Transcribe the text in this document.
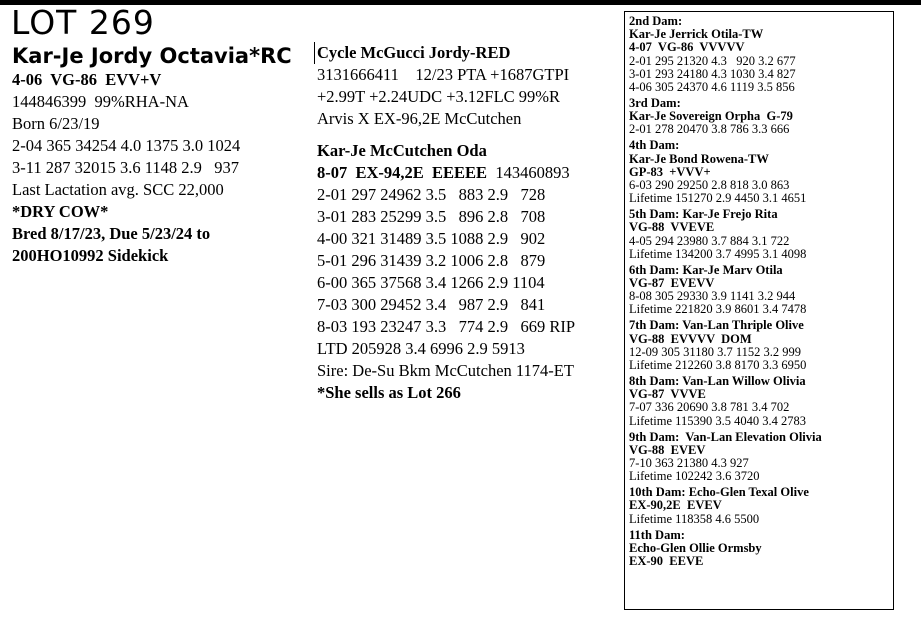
LOT 269
Kar-Je Jordy Octavia*RC
4-06  VG-86  EVV+V
144846399  99%RHA-NA
Born 6/23/19
2-04 365 34254 4.0 1375 3.0 1024
3-11 287 32015 3.6 1148 2.9   937
Last Lactation avg. SCC 22,000
*DRY COW*
Bred 8/17/23, Due 5/23/24 to
200HO10992 Sidekick
Cycle McGucci Jordy-RED
3131666411    12/23 PTA +1687GTPI
+2.99T +2.24UDC +3.12FLC 99%R
Arvis X EX-96,2E McCutchen
Kar-Je McCutchen Oda
8-07  EX-94,2E  EEEEE 143460893
2-01 297 24962 3.5   883 2.9   728
3-01 283 25299 3.5   896 2.8   708
4-00 321 31489 3.5 1088 2.9   902
5-01 296 31439 3.2 1006 2.8   879
6-00 365 37568 3.4 1266 2.9 1104
7-03 300 29452 3.4   987 2.9   841
8-03 193 23247 3.3   774 2.9   669 RIP
LTD 205928 3.4 6996 2.9 5913
Sire: De-Su Bkm McCutchen 1174-ET
*She sells as Lot 266
2nd Dam:
Kar-Je Jerrick Otila-TW
4-07  VG-86  VVVVV
2-01 295 21320 4.3   920 3.2 677
3-01 293 24180 4.3 1030 3.4 827
4-06 305 24370 4.6 1119 3.5 856
3rd Dam:
Kar-Je Sovereign Orpha  G-79
2-01 278 20470 3.8 786 3.3 666
4th Dam:
Kar-Je Bond Rowena-TW
GP-83  +VVV+
6-03 290 29250 2.8 818 3.0 863
Lifetime 151270 2.9 4450 3.1 4651
5th Dam: Kar-Je Frejo Rita
VG-88  VVEVE
4-05 294 23980 3.7 884 3.1 722
Lifetime 134200 3.7 4995 3.1 4098
6th Dam: Kar-Je Marv Otila
VG-87  EVEVV
8-08 305 29330 3.9 1141 3.2 944
Lifetime 221820 3.9 8601 3.4 7478
7th Dam: Van-Lan Thriple Olive
VG-88  EVVVV  DOM
12-09 305 31180 3.7 1152 3.2 999
Lifetime 212260 3.8 8170 3.3 6950
8th Dam: Van-Lan Willow Olivia
VG-87  VVVE
7-07 336 20690 3.8 781 3.4 702
Lifetime 115390 3.5 4040 3.4 2783
9th Dam:  Van-Lan Elevation Olivia
VG-88  EVEV
7-10 363 21380 4.3 927
Lifetime 102242 3.6 3720
10th Dam: Echo-Glen Texal Olive
EX-90,2E  EVEV
Lifetime 118358 4.6 5500
11th Dam:
Echo-Glen Ollie Ormsby
EX-90  EEVE
